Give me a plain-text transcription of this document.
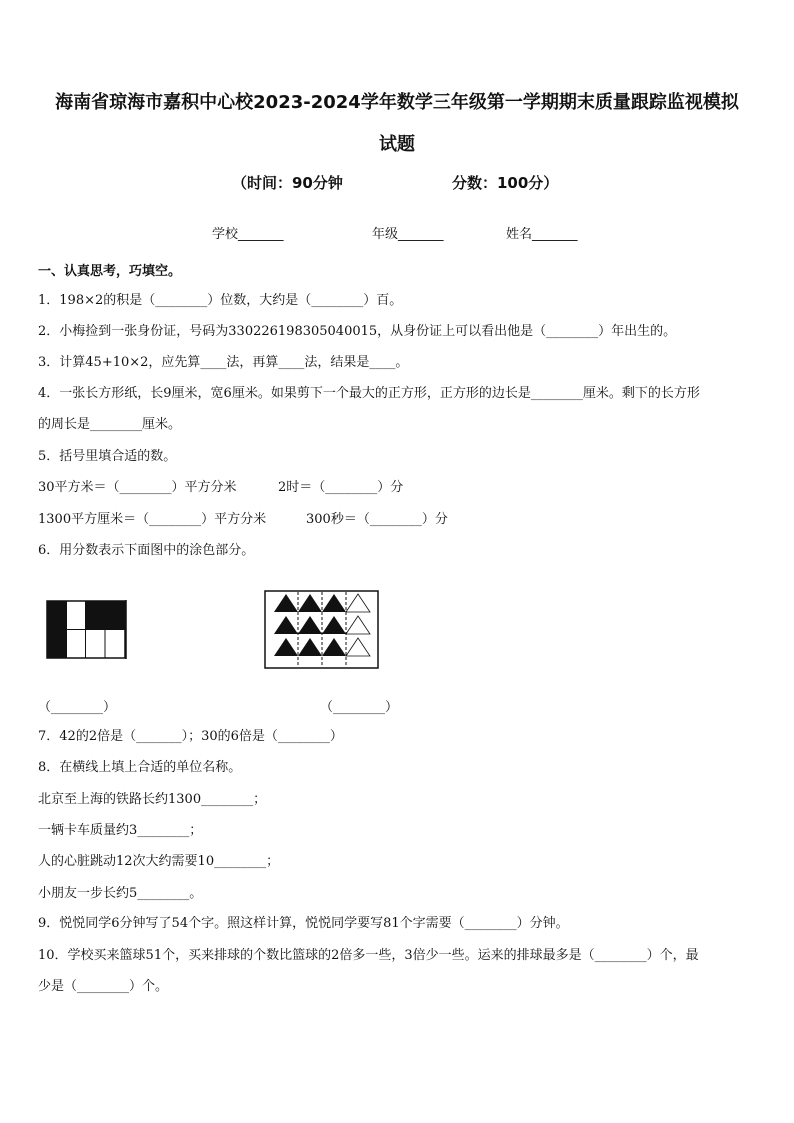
海南省琼海市嘉积中心校2023-2024学年数学三年级第一学期期末质量跟踪监视模拟
试题
（时间：90分钟	分数：100分）
学校_______	年级_______	姓名_______
一、认真思考，巧填空。
1．198×2的积是（________）位数，大约是（________）百。
2．小梅捡到一张身份证，号码为330226198305040015，从身份证上可以看出他是（________）年出生的。
3．计算45+10×2，应先算____法，再算____法，结果是____。
4．一张长方形纸，长9厘米，宽6厘米。如果剪下一个最大的正方形，正方形的边长是________厘米。剩下的长方形
的周长是________厘米。
5．括号里填合适的数。
30平方米＝（________）平方分米	2时＝（________）分
1300平方厘米＝（________）平方分米	300秒＝（________）分
6．用分数表示下面图中的涂色部分。
（________）	（________）
7．42的2倍是（_______）；30的6倍是（________）
8．在横线上填上合适的单位名称。
北京至上海的铁路长约1300________；
一辆卡车质量约3________；
人的心脏跳动12次大约需要10________；
小朋友一步长约5________。
9．悦悦同学6分钟写了54个字。照这样计算，悦悦同学要写81个字需要（________）分钟。
10．学校买来篮球51个，买来排球的个数比篮球的2倍多一些，3倍少一些。运来的排球最多是（________）个，最
少是（________）个。
